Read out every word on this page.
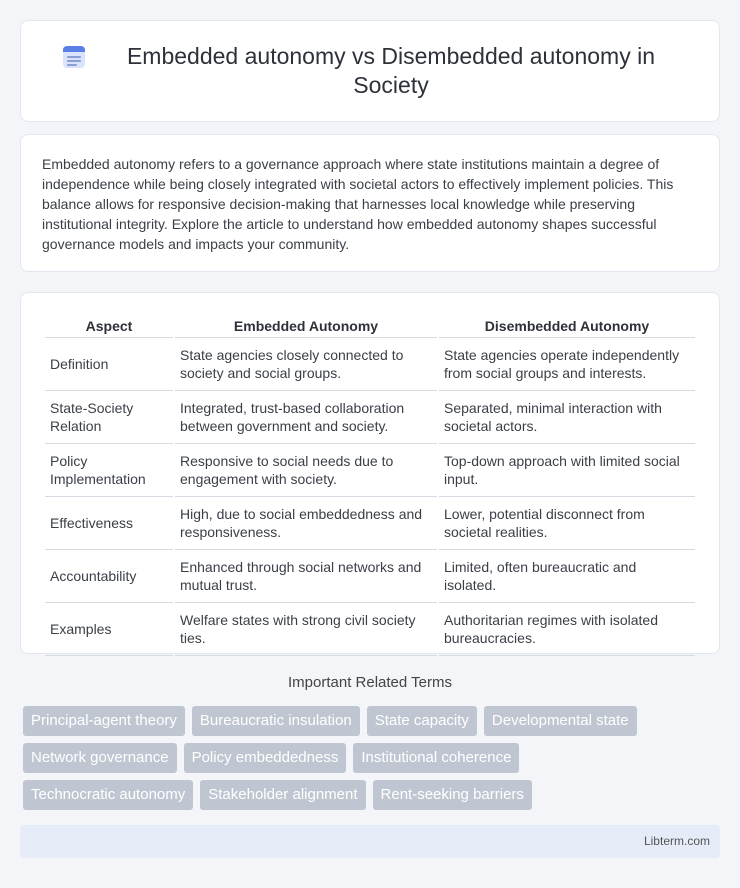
Embedded autonomy vs Disembedded autonomy in Society

Embedded autonomy refers to a governance approach where state institutions maintain a degree of independence while being closely integrated with societal actors to effectively implement policies. This balance allows for responsive decision-making that harnesses local knowledge while preserving institutional integrity. Explore the article to understand how embedded autonomy shapes successful governance models and impacts your community.

Aspect	Embedded Autonomy	Disembedded Autonomy
Definition	State agencies closely connected to society and social groups.	State agencies operate independently from social groups and interests.
State-Society Relation	Integrated, trust-based collaboration between government and society.	Separated, minimal interaction with societal actors.
Policy Implementation	Responsive to social needs due to engagement with society.	Top-down approach with limited social input.
Effectiveness	High, due to social embeddedness and responsiveness.	Lower, potential disconnect from societal realities.
Accountability	Enhanced through social networks and mutual trust.	Limited, often bureaucratic and isolated.
Examples	Welfare states with strong civil society ties.	Authoritarian regimes with isolated bureaucracies.
Important Related Terms
Principal-agent theory	Bureaucratic insulation	State capacity	Developmental state
Network governance	Policy embeddedness	Institutional coherence
Technocratic autonomy	Stakeholder alignment	Rent-seeking barriers
Libterm.com
